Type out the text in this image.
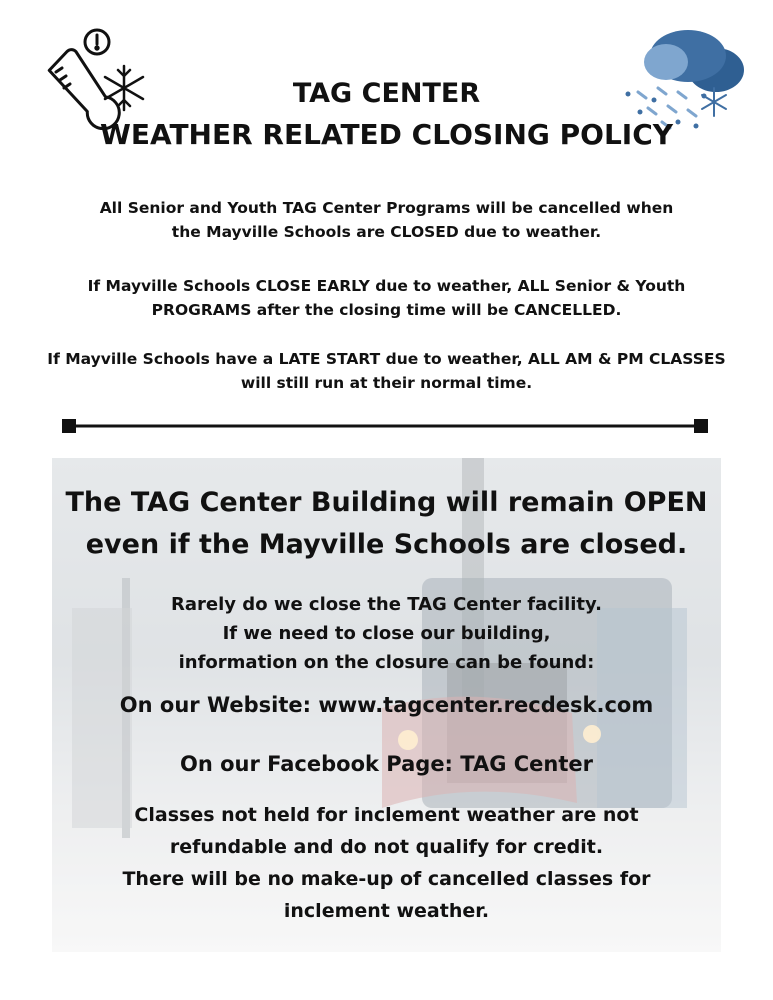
TAG CENTER
WEATHER RELATED CLOSING POLICY

All Senior and Youth TAG Center Programs will be cancelled when
the Mayville Schools are CLOSED due to weather.

If Mayville Schools CLOSE EARLY due to weather, ALL Senior & Youth
PROGRAMS after the closing time will be CANCELLED.

If Mayville Schools have a LATE START due to weather, ALL AM & PM CLASSES
will still run at their normal time.

The TAG Center Building will remain OPEN
even if the Mayville Schools are closed.

Rarely do we close the TAG Center facility.
If we need to close our building,
information on the closure can be found:

On our Website: www.tagcenter.recdesk.com

On our Facebook Page: TAG Center

Classes not held for inclement weather are not
refundable and do not qualify for credit.
There will be no make-up of cancelled classes for
inclement weather.
